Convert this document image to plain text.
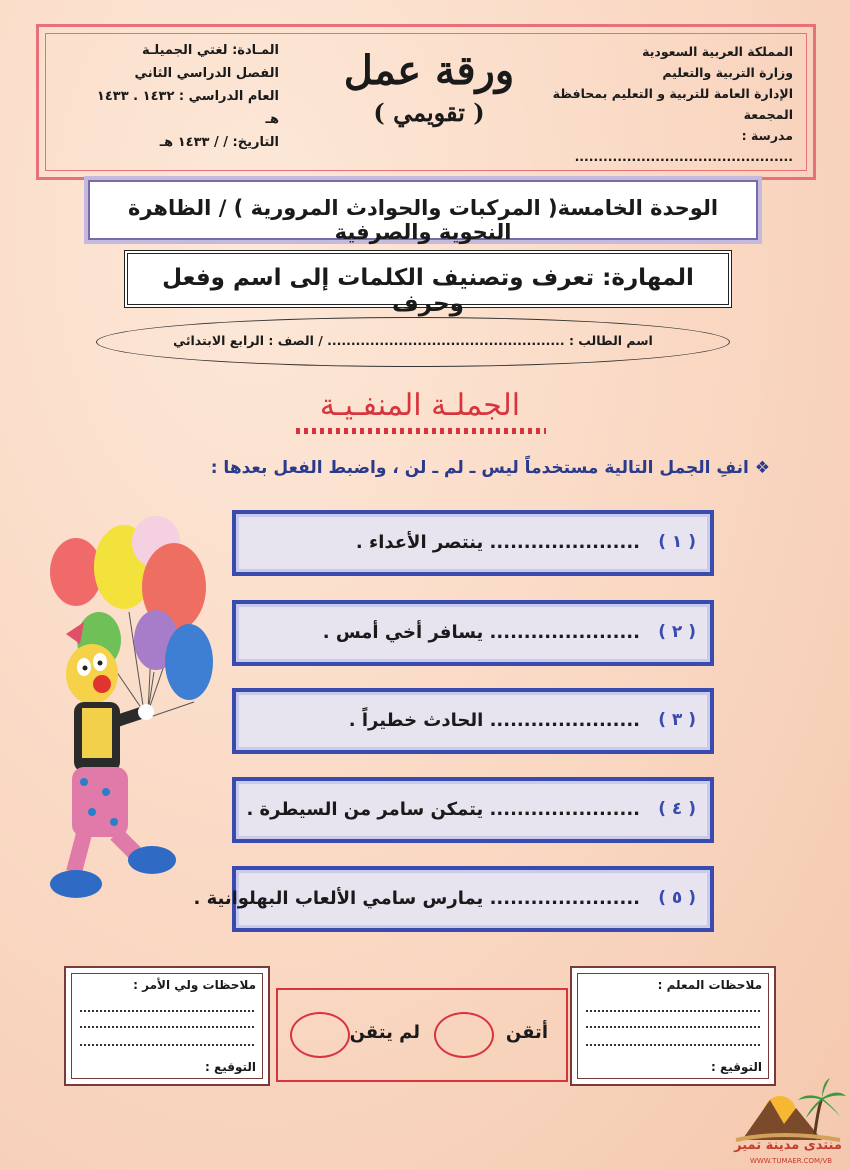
المملكة العربية السعودية
وزارة التربية والتعليم
الإدارة العامة للتربية و التعليم بمحافظة المجمعة
مدرسة : ..............................................
ورقة عمل
( تقويمي )
المـادة: لغتي الجميلـة
الفصل الدراسي الثاني
العام الدراسي : ١٤٣٢ . ١٤٣٣ هـ
التاريخ: / / ١٤٣٣ هـ
الوحدة الخامسة( المركبات والحوادث المرورية ) / الظاهرة النحوية والصرفية
المهارة: تعرف وتصنيف الكلمات إلى اسم وفعل وحرف
اسم الطالب : .................................................. / الصف : الرابع الابتدائي
الجملـة المنفـيـة
❖ انفِ الجمل التالية مستخدماً ليس ـ لم ـ لن ، واضبط الفعل بعدها :
( ١ )
...................... ينتصر الأعداء .
( ٢ )
...................... يسافر أخي أمس .
( ٣ )
...................... الحادث خطيراً .
( ٤ )
...................... يتمكن سامر من السيطرة .
( ٥ )
...................... يمارس سامي الألعاب البهلوانية .
ملاحظات ولي الأمر :
التوقيع :
أتقن
لم يتقن
ملاحظات المعلم :
التوقيع :
منتدى مدينة تمير
WWW.TUMAER.COM/VB
